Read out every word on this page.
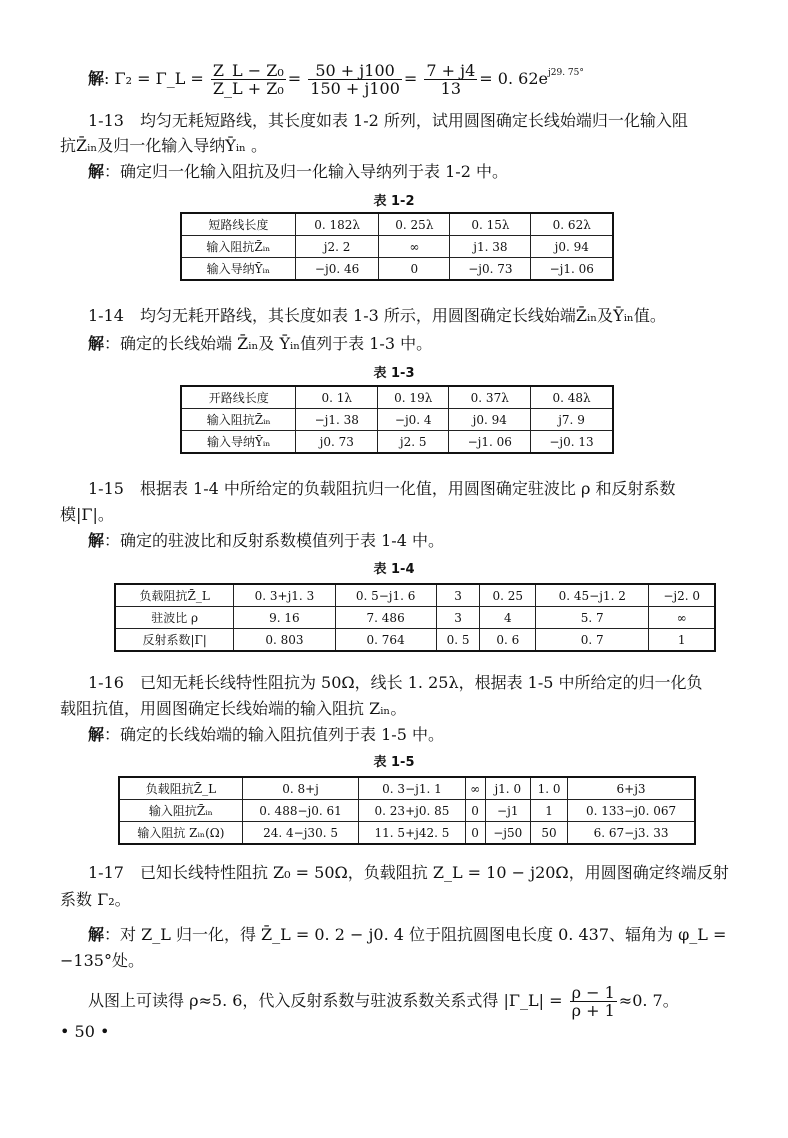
解: Γ₂ = Γ_L = $\frac{\text{Z\_L − Z₀}}{\text{Z\_L + Z₀}} = \frac{50 + j100}{150 + j100} = \frac{7 + j4}{13} = 0$. $62e^{j29. 75^\circ}$
1-13　均匀无耗短路线，其长度如表 1-2 所列，试用圆图确定长线始端归一化输入阻
抗Z̄ᵢₙ及归一化输入导纳Ȳᵢₙ 。
解：确定归一化输入阻抗及归一化输入导纳列于表 1-2 中。
表 1-2
短路线长度	0. 182λ	0. 25λ	0. 15λ	0. 62λ
输入阻抗Z̄ᵢₙ	j2. 2	∞	j1. 38	j0. 94
输入导纳Ȳᵢₙ	−j0. 46	0	−j0. 73	−j1. 06
1-14　均匀无耗开路线，其长度如表 1-3 所示，用圆图确定长线始端Z̄ᵢₙ及Ȳᵢₙ值。
解：确定的长线始端 Z̄ᵢₙ及 Ȳᵢₙ值列于表 1-3 中。
表 1-3
开路线长度	0. 1λ	0. 19λ	0. 37λ	0. 48λ
输入阻抗Z̄ᵢₙ	−j1. 38	−j0. 4	j0. 94	j7. 9
输入导纳Ȳᵢₙ	j0. 73	j2. 5	−j1. 06	−j0. 13
1-15　根据表 1-4 中所给定的负载阻抗归一化值，用圆图确定驻波比 ρ 和反射系数
模|Γ|。
解：确定的驻波比和反射系数模值列于表 1-4 中。
表 1-4
负载阻抗Z̄_L	0. 3+j1. 3	0. 5−j1. 6	3	0. 25	0. 45−j1. 2	−j2. 0
驻波比 ρ	9. 16	7. 486	3	4	5. 7	∞
反射系数|Γ|	0. 803	0. 764	0. 5	0. 6	0. 7	1
1-16　已知无耗长线特性阻抗为 50Ω，线长 1. 25λ，根据表 1-5 中所给定的归一化负
载阻抗值，用圆图确定长线始端的输入阻抗 Zᵢₙ。
解：确定的长线始端的输入阻抗值列于表 1-5 中。
表 1-5
负载阻抗Z̄_L	0. 8+j	0. 3−j1. 1	∞	j1. 0	1. 0	6+j3
输入阻抗Z̄ᵢₙ	0. 488−j0. 61	0. 23+j0. 85	0	−j1	1	0. 133−j0. 067
输入阻抗 Zᵢₙ(Ω)	24. 4−j30. 5	11. 5+j42. 5	0	−j50	50	6. 67−j3. 33
1-17　已知长线特性阻抗 Z₀ = 50Ω，负载阻抗 Z_L = 10 − j20Ω，用圆图确定终端反射
系数 Γ₂。
解：对 Z_L 归一化，得 Z̄_L = 0. 2 − j0. 4 位于阻抗圆图电长度 0. 437、辐角为 φ_L =
−135°处。
从图上可读得 ρ≈5. 6，代入反射系数与驻波系数关系式得 |Γ_L| = $\frac{\rho - 1}{\rho + 1} \approx 0$. 7。
• 50 •
